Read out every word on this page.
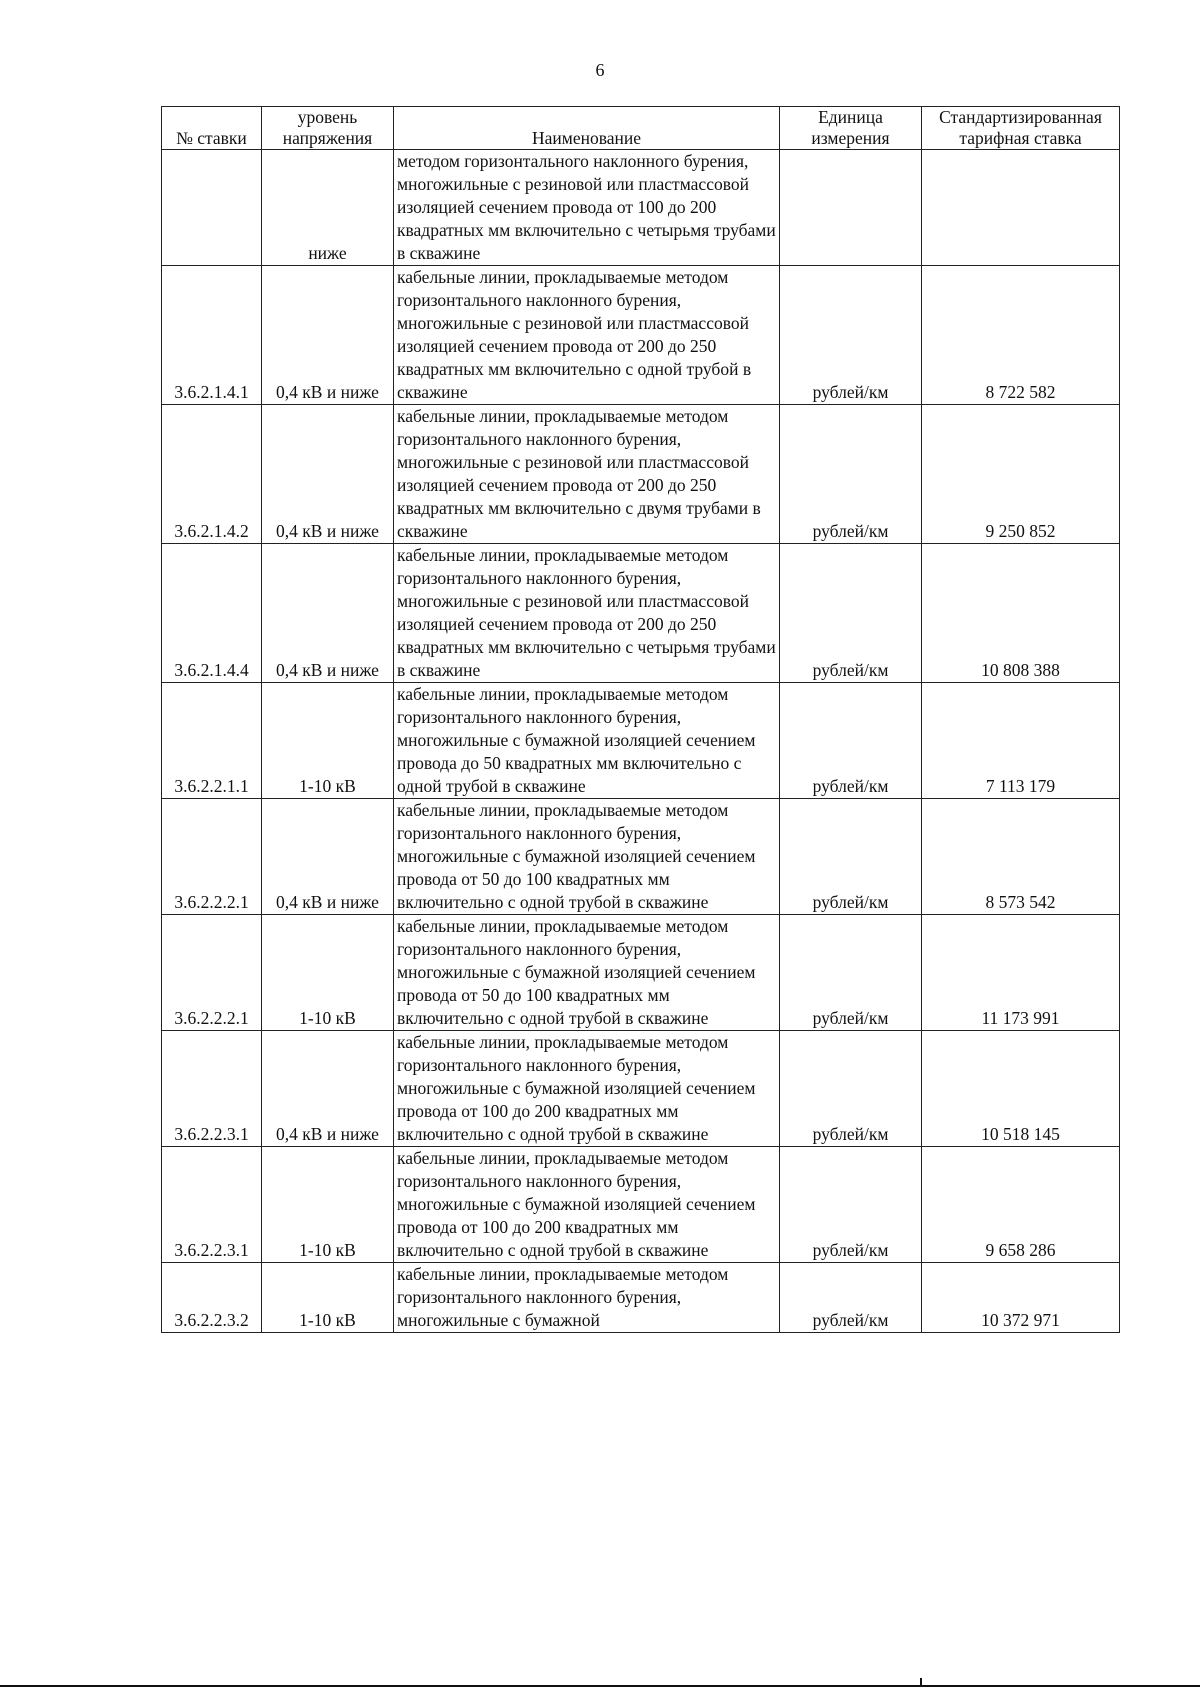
6
№ ставки	уровень напряжения	Наименование	Единица измерения	Стандартизированная тарифная ставка
	ниже	методом горизонтального наклонного бурения, многожильные с резиновой или пластмассовой изоляцией сечением провода от 100 до 200 квадратных мм включительно с четырьмя трубами в скважине		
3.6.2.1.4.1	0,4 кВ и ниже	кабельные линии, прокладываемые методом горизонтального наклонного бурения, многожильные с резиновой или пластмассовой изоляцией сечением провода от 200 до 250 квадратных мм включительно с одной трубой в скважине	рублей/км	8 722 582
3.6.2.1.4.2	0,4 кВ и ниже	кабельные линии, прокладываемые методом горизонтального наклонного бурения, многожильные с резиновой или пластмассовой изоляцией сечением провода от 200 до 250 квадратных мм включительно с двумя трубами в скважине	рублей/км	9 250 852
3.6.2.1.4.4	0,4 кВ и ниже	кабельные линии, прокладываемые методом горизонтального наклонного бурения, многожильные с резиновой или пластмассовой изоляцией сечением провода от 200 до 250 квадратных мм включительно с четырьмя трубами в скважине	рублей/км	10 808 388
3.6.2.2.1.1	1-10 кВ	кабельные линии, прокладываемые методом горизонтального наклонного бурения, многожильные с бумажной изоляцией сечением провода до 50 квадратных мм включительно с одной трубой в скважине	рублей/км	7 113 179
3.6.2.2.2.1	0,4 кВ и ниже	кабельные линии, прокладываемые методом горизонтального наклонного бурения, многожильные с бумажной изоляцией сечением провода от 50 до 100 квадратных мм включительно с одной трубой в скважине	рублей/км	8 573 542
3.6.2.2.2.1	1-10 кВ	кабельные линии, прокладываемые методом горизонтального наклонного бурения, многожильные с бумажной изоляцией сечением провода от 50 до 100 квадратных мм включительно с одной трубой в скважине	рублей/км	11 173 991
3.6.2.2.3.1	0,4 кВ и ниже	кабельные линии, прокладываемые методом горизонтального наклонного бурения, многожильные с бумажной изоляцией сечением провода от 100 до 200 квадратных мм включительно с одной трубой в скважине	рублей/км	10 518 145
3.6.2.2.3.1	1-10 кВ	кабельные линии, прокладываемые методом горизонтального наклонного бурения, многожильные с бумажной изоляцией сечением провода от 100 до 200 квадратных мм включительно с одной трубой в скважине	рублей/км	9 658 286
3.6.2.2.3.2	1-10 кВ	кабельные линии, прокладываемые методом горизонтального наклонного бурения, многожильные с бумажной	рублей/км	10 372 971
